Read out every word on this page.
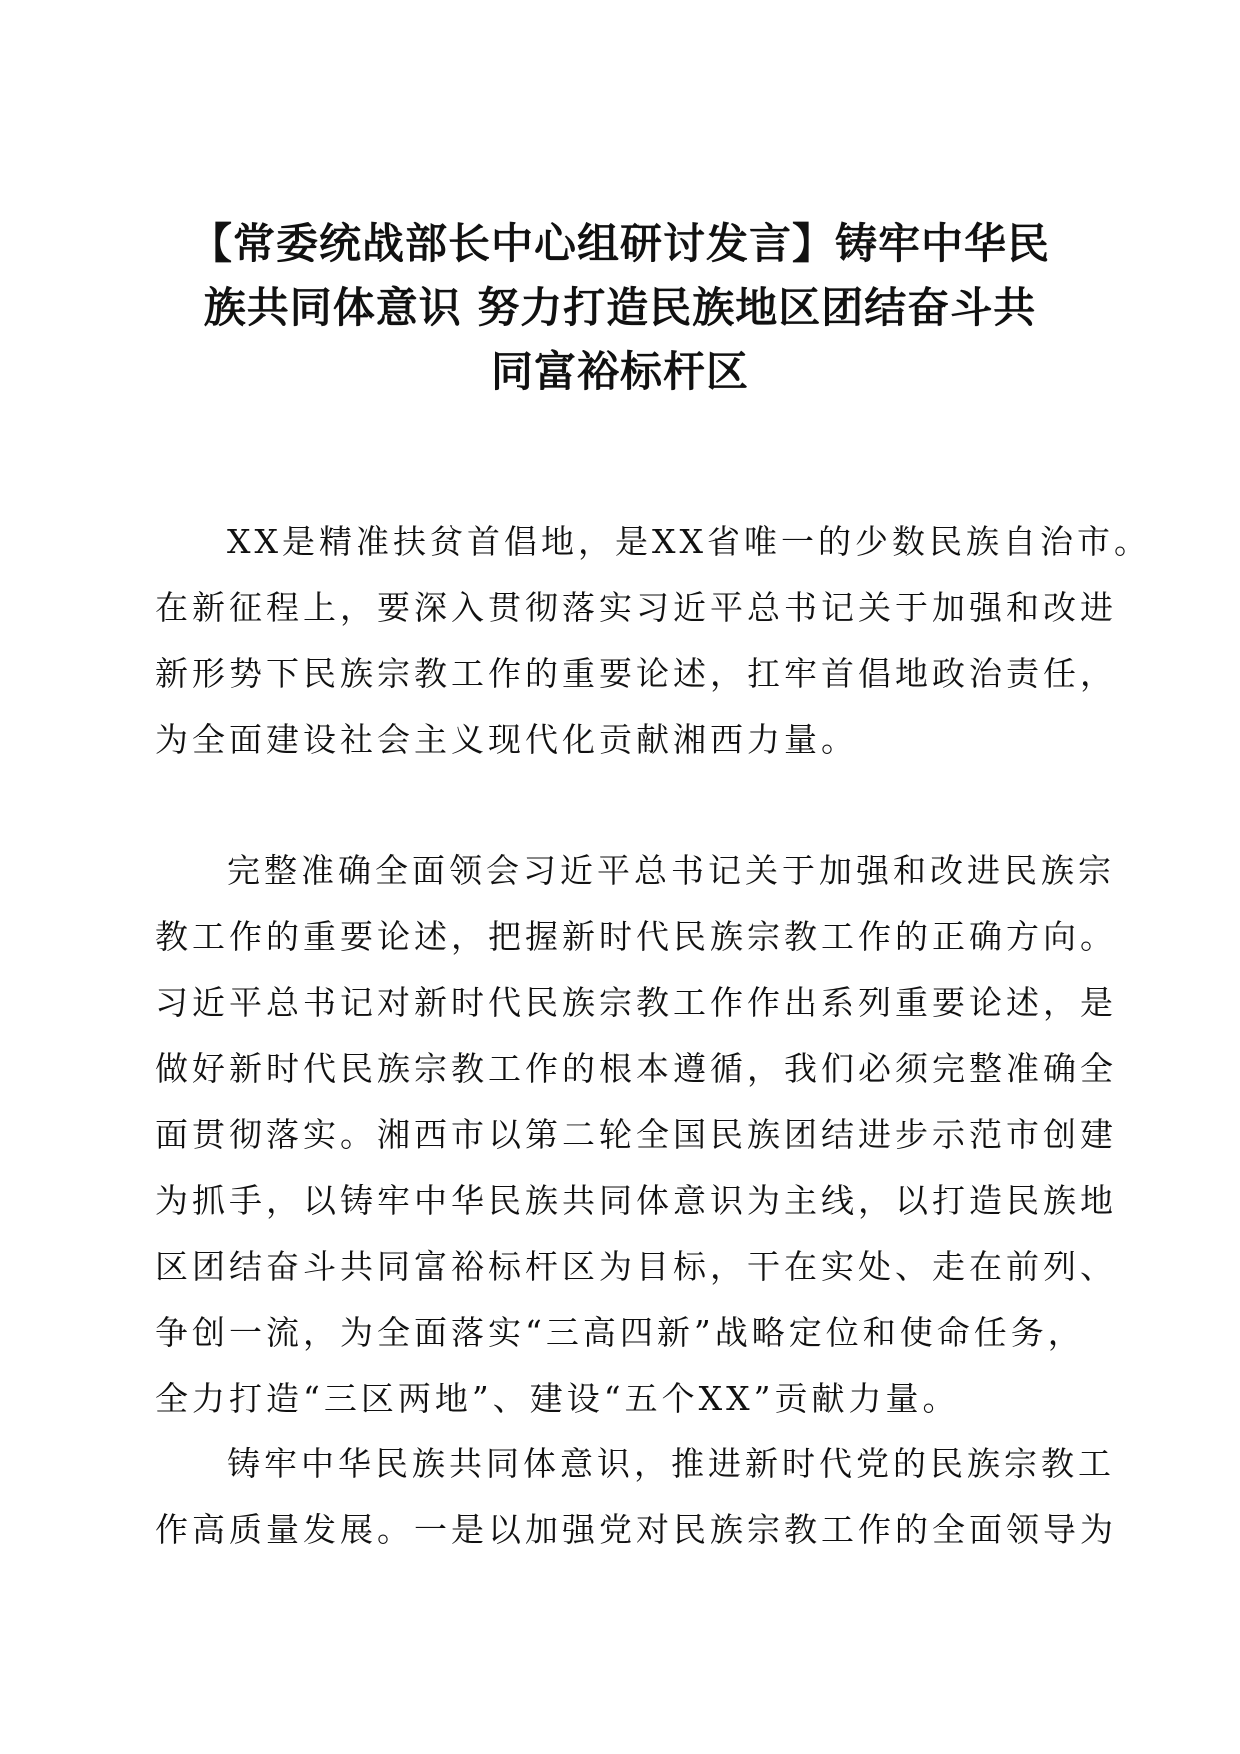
【常委统战部长中心组研讨发言】铸牢中华民
族共同体意识 努力打造民族地区团结奋斗共
同富裕标杆区

XX是精准扶贫首倡地，是XX省唯一的少数民族自治市。
在新征程上，要深入贯彻落实习近平总书记关于加强和改进
新形势下民族宗教工作的重要论述，扛牢首倡地政治责任，
为全面建设社会主义现代化贡献湘西力量。

完整准确全面领会习近平总书记关于加强和改进民族宗
教工作的重要论述，把握新时代民族宗教工作的正确方向。
习近平总书记对新时代民族宗教工作作出系列重要论述，是
做好新时代民族宗教工作的根本遵循，我们必须完整准确全
面贯彻落实。湘西市以第二轮全国民族团结进步示范市创建
为抓手，以铸牢中华民族共同体意识为主线，以打造民族地
区团结奋斗共同富裕标杆区为目标，干在实处、走在前列、
争创一流，为全面落实“三高四新”战略定位和使命任务，
全力打造“三区两地”、建设“五个XX”贡献力量。

铸牢中华民族共同体意识，推进新时代党的民族宗教工
作高质量发展。一是以加强党对民族宗教工作的全面领导为
